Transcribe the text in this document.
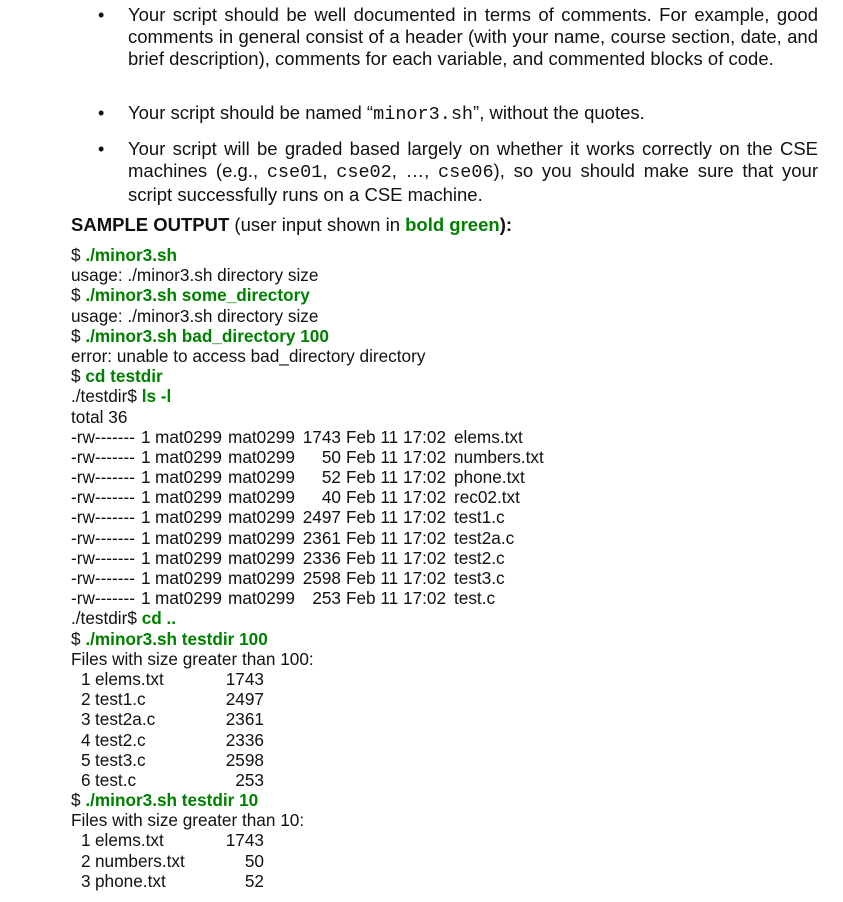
• Your script should be well documented in terms of comments. For example, good comments in general consist of a header (with your name, course section, date, and brief description), comments for each variable, and commented blocks of code.
• Your script should be named “minor3.sh”, without the quotes.
• Your script will be graded based largely on whether it works correctly on the CSE machines (e.g., cse01, cse02, …, cse06), so you should make sure that your script successfully runs on a CSE machine.
SAMPLE OUTPUT (user input shown in bold green):
$ ./minor3.sh
usage: ./minor3.sh directory size
$ ./minor3.sh some_directory
usage: ./minor3.sh directory size
$ ./minor3.sh bad_directory 100
error: unable to access bad_directory directory
$ cd testdir
./testdir$ ls -l
total 36
-rw------- 1 mat0299 mat0299 1743 Feb 11 17:02 elems.txt
-rw------- 1 mat0299 mat0299	50 Feb 11 17:02 numbers.txt
-rw------- 1 mat0299 mat0299	52 Feb 11 17:02 phone.txt
-rw------- 1 mat0299 mat0299	40 Feb 11 17:02 rec02.txt
-rw------- 1 mat0299 mat0299 2497 Feb 11 17:02 test1.c
-rw------- 1 mat0299 mat0299 2361 Feb 11 17:02 test2a.c
-rw------- 1 mat0299 mat0299 2336 Feb 11 17:02 test2.c
-rw------- 1 mat0299 mat0299 2598 Feb 11 17:02 test3.c
-rw------- 1 mat0299 mat0299	253 Feb 11 17:02 test.c
./testdir$ cd ..
$ ./minor3.sh testdir 100
Files with size greater than 100:
1 elems.txt	1743
2 test1.c	2497
3 test2a.c	2361
4 test2.c	2336
5 test3.c	2598
6 test.c	253
$ ./minor3.sh testdir 10
Files with size greater than 10:
1 elems.txt	1743
2 numbers.txt	50
3 phone.txt	52
